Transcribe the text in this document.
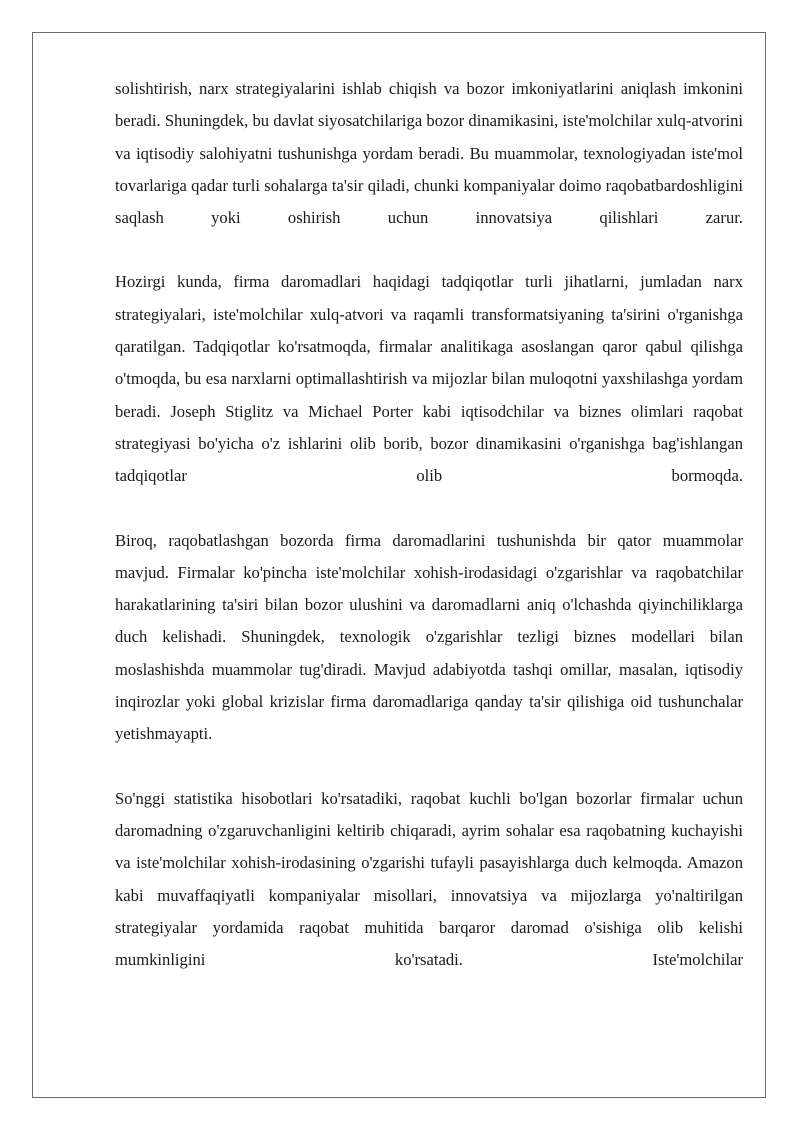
solishtirish, narx strategiyalarini ishlab chiqish va bozor imkoniyatlarini aniqlash imkonini beradi. Shuningdek, bu davlat siyosatchilariga bozor dinamikasini, iste'molchilar xulq-atvorini va iqtisodiy salohiyatni tushunishga yordam beradi. Bu muammolar, texnologiyadan iste'mol tovarlariga qadar turli sohalarga ta'sir qiladi, chunki kompaniyalar doimo raqobatbardoshligini saqlash yoki oshirish uchun innovatsiya qilishlari zarur.

Hozirgi kunda, firma daromadlari haqidagi tadqiqotlar turli jihatlarni, jumladan narx strategiyalari, iste'molchilar xulq-atvori va raqamli transformatsiyaning ta'sirini o'rganishga qaratilgan. Tadqiqotlar ko'rsatmoqda, firmalar analitikaga asoslangan qaror qabul qilishga o'tmoqda, bu esa narxlarni optimallashtirish va mijozlar bilan muloqotni yaxshilashga yordam beradi. Joseph Stiglitz va Michael Porter kabi iqtisodchilar va biznes olimlari raqobat strategiyasi bo'yicha o'z ishlarini olib borib, bozor dinamikasini o'rganishga bag'ishlangan tadqiqotlar olib bormoqda.

Biroq, raqobatlashgan bozorda firma daromadlarini tushunishda bir qator muammolar mavjud. Firmalar ko'pincha iste'molchilar xohish-irodasidagi o'zgarishlar va raqobatchilar harakatlarining ta'siri bilan bozor ulushini va daromadlarni aniq o'lchashda qiyinchiliklarga duch kelishadi. Shuningdek, texnologik o'zgarishlar tezligi biznes modellari bilan moslashishda muammolar tug'diradi. Mavjud adabiyotda tashqi omillar, masalan, iqtisodiy inqirozlar yoki global krizislar firma daromadlariga qanday ta'sir qilishiga oid tushunchalar yetishmayapti.

So'nggi statistika hisobotlari ko'rsatadiki, raqobat kuchli bo'lgan bozorlar firmalar uchun daromadning o'zgaruvchanligini keltirib chiqaradi, ayrim sohalar esa raqobatning kuchayishi va iste'molchilar xohish-irodasining o'zgarishi tufayli pasayishlarga duch kelmoqda. Amazon kabi muvaffaqiyatli kompaniyalar misollari, innovatsiya va mijozlarga yo'naltirilgan strategiyalar yordamida raqobat muhitida barqaror daromad o'sishiga olib kelishi mumkinligini ko'rsatadi. Iste'molchilar
